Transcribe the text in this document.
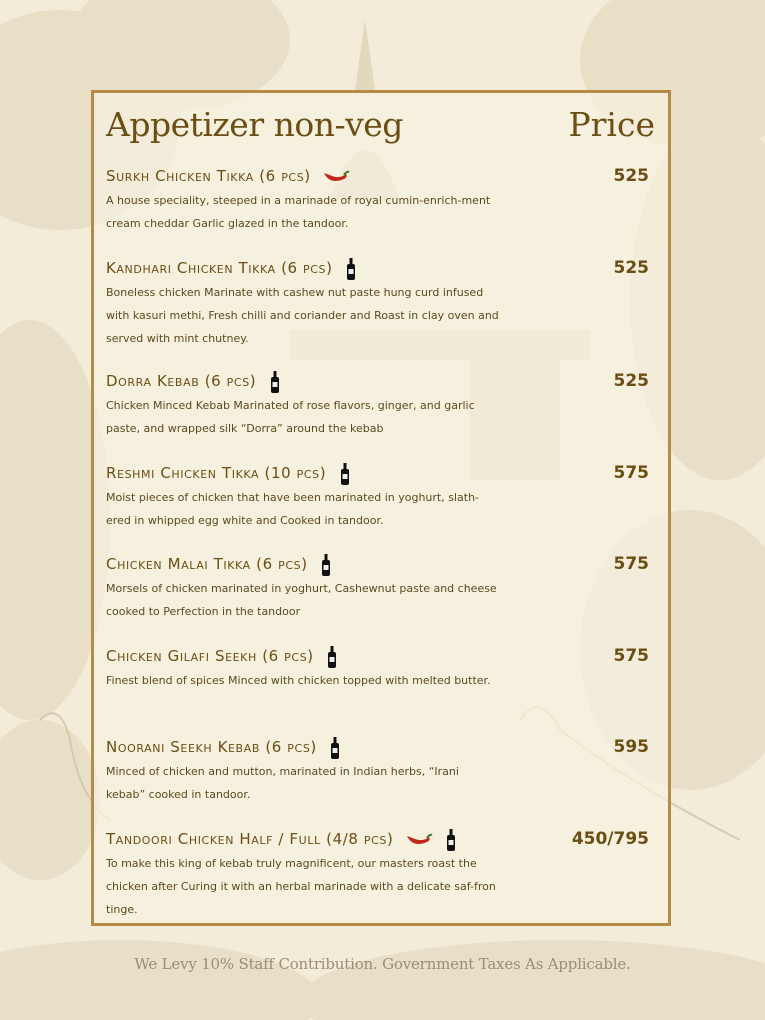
Appetizer non-veg	Price
Surkh Chicken Tikka (6 pcs)	525
A house speciality, steeped in a marinade of royal cumin-enrich-ment cream cheddar Garlic glazed in the tandoor.
Kandhari Chicken Tikka (6 pcs)	525
Boneless chicken Marinate with cashew nut paste hung curd infused with kasuri methi, Fresh chilli and coriander and Roast in clay oven and served with mint chutney.
Dorra Kebab (6 pcs)	525
Chicken Minced Kebab Marinated of rose flavors, ginger, and garlic paste, and wrapped silk “Dorra” around the kebab
Reshmi Chicken Tikka (10 pcs)	575
Moist pieces of chicken that have been marinated in yoghurt, slath-ered in whipped egg white and Cooked in tandoor.
Chicken Malai Tikka (6 pcs)	575
Morsels of chicken marinated in yoghurt, Cashewnut paste and cheese cooked to Perfection in the tandoor
Chicken Gilafi Seekh (6 pcs)	575
Finest blend of spices Minced with chicken topped with melted butter.
Noorani Seekh Kebab (6 pcs)	595
Minced of chicken and mutton, marinated in Indian herbs, “Irani kebab” cooked in tandoor.
Tandoori Chicken Half / Full (4/8 pcs)	450/795
To make this king of kebab truly magnificent, our masters roast the chicken after Curing it with an herbal marinade with a delicate saf-fron tinge.
We Levy 10% Staff Contribution. Government Taxes As Applicable.
